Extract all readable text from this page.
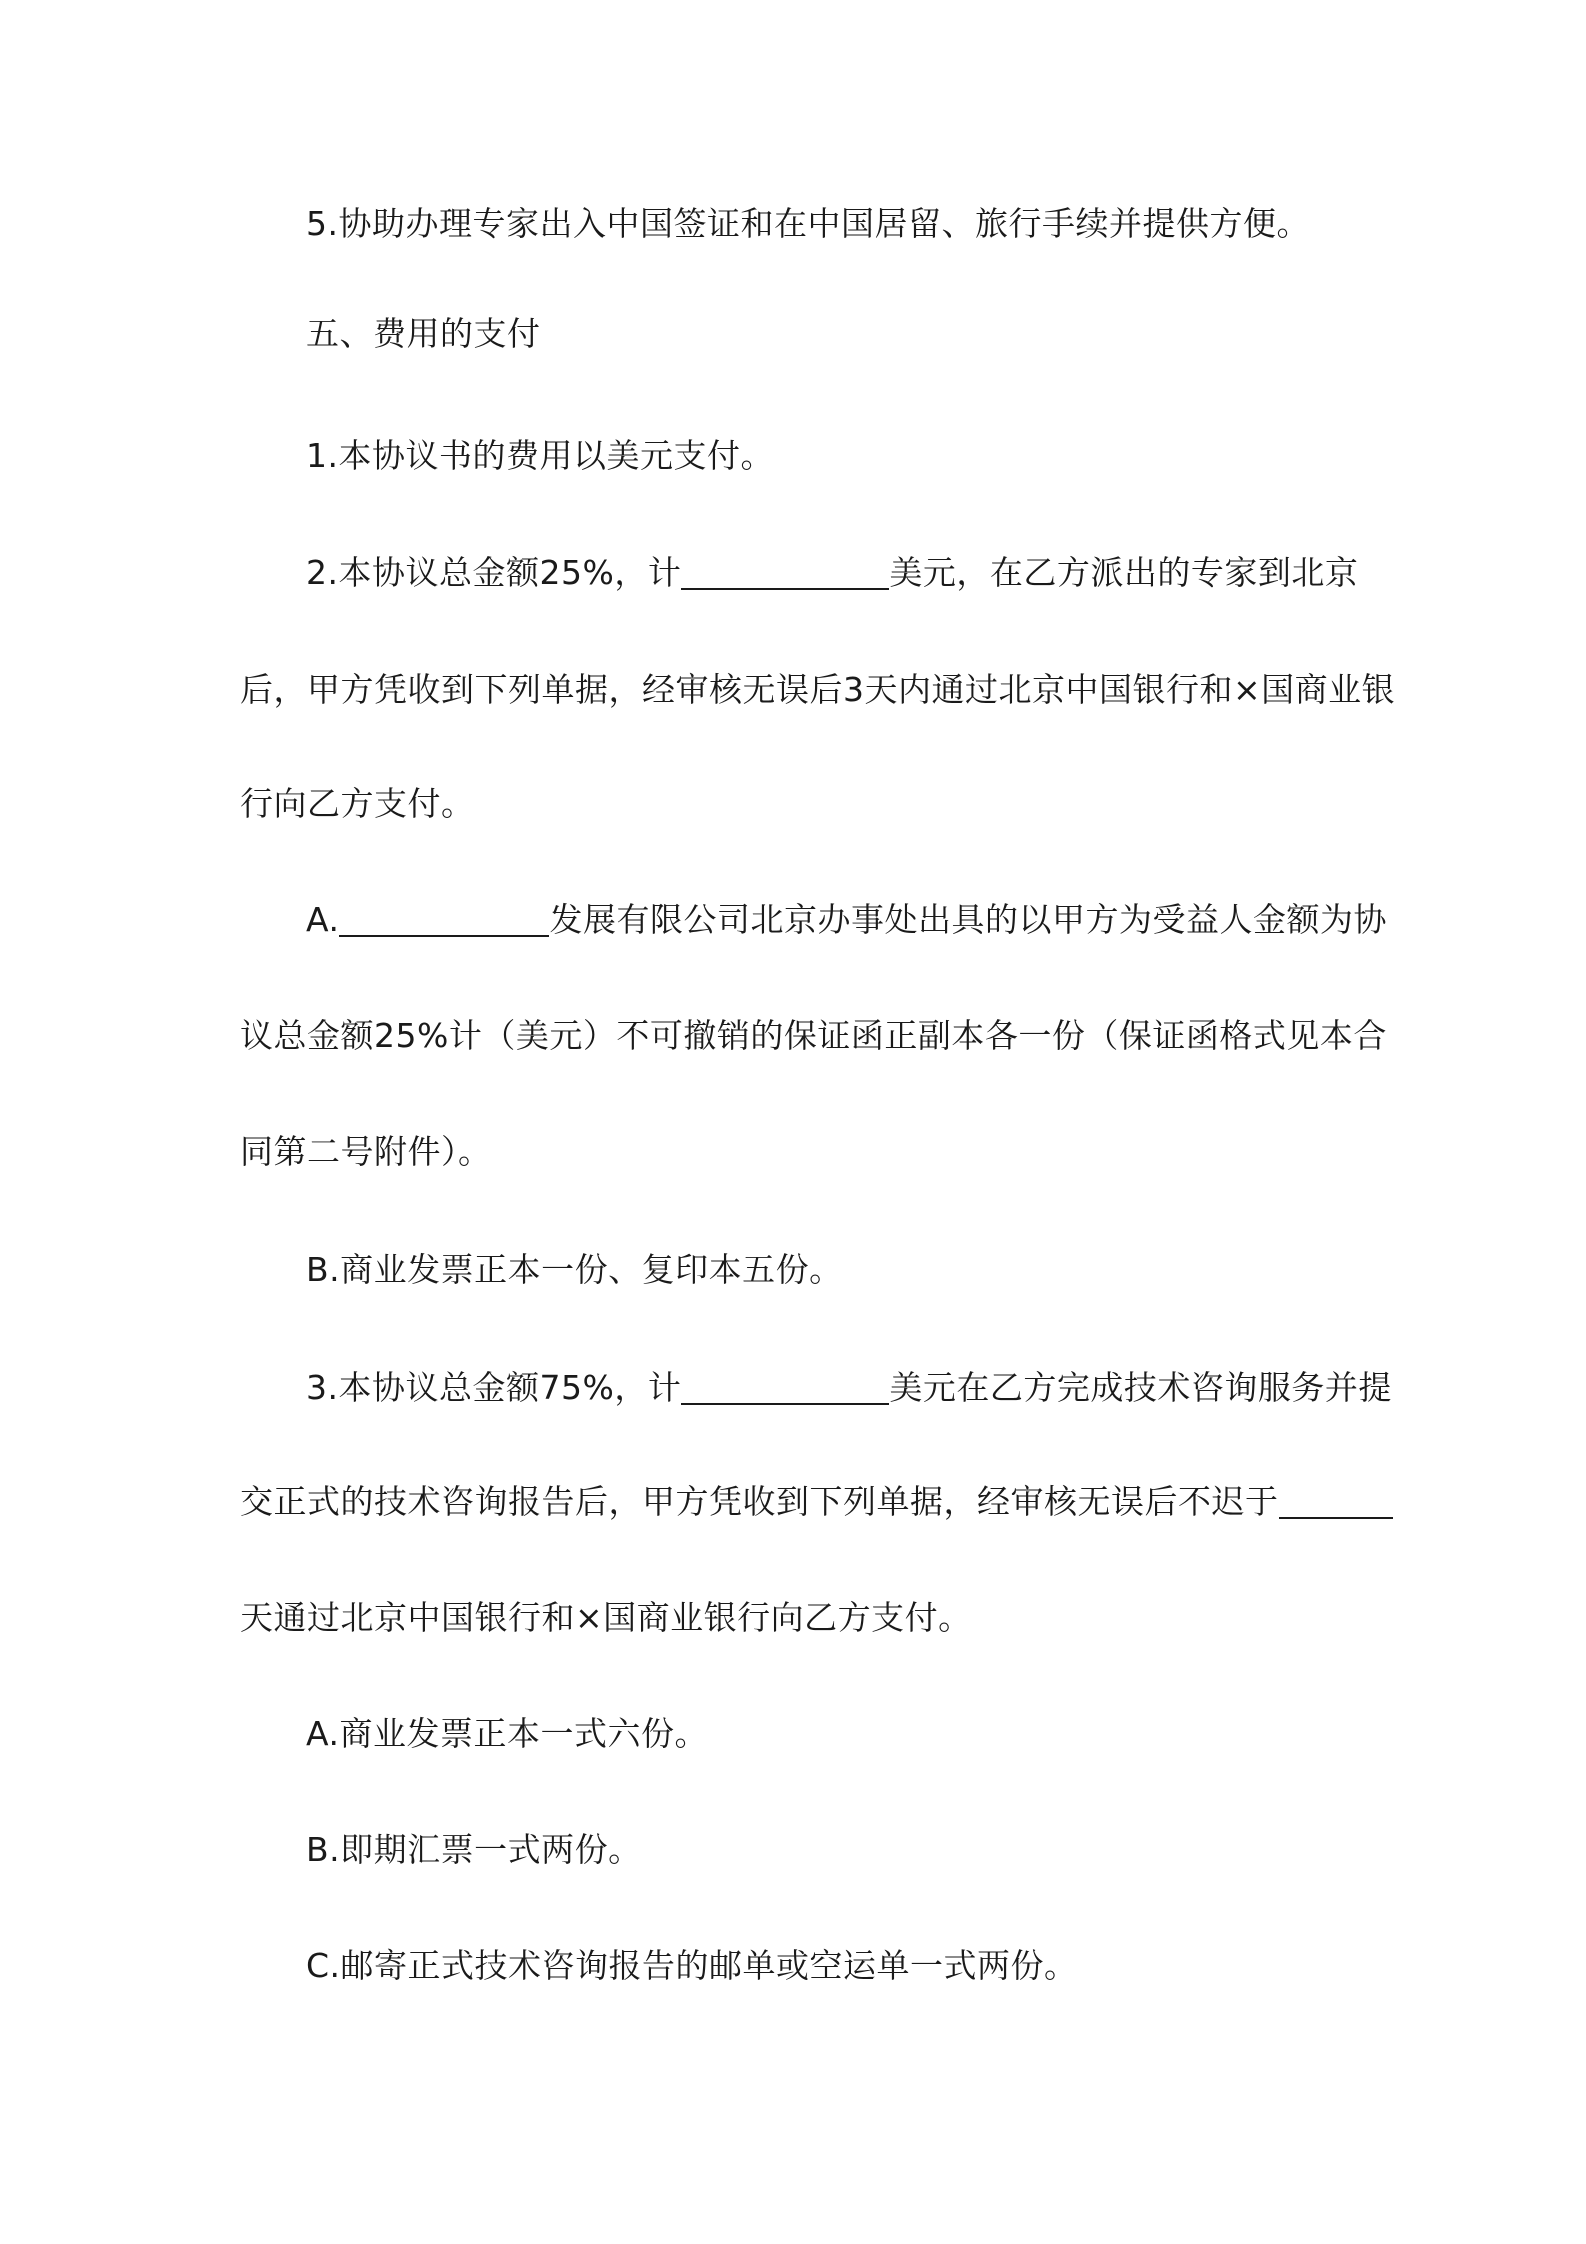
5.协助办理专家出入中国签证和在中国居留、旅行手续并提供方便。
五、费用的支付
1.本协议书的费用以美元支付。
2.本协议总金额25%，计	美元，在乙方派出的专家到北京
后，甲方凭收到下列单据，经审核无误后3天内通过北京中国银行和×国商业银
行向乙方支付。
A.	发展有限公司北京办事处出具的以甲方为受益人金额为协
议总金额25%计（美元）不可撤销的保证函正副本各一份（保证函格式见本合
同第二号附件）。
B.商业发票正本一份、复印本五份。
3.本协议总金额75%，计	美元在乙方完成技术咨询服务并提
交正式的技术咨询报告后，甲方凭收到下列单据，经审核无误后不迟于
天通过北京中国银行和×国商业银行向乙方支付。
A.商业发票正本一式六份。
B.即期汇票一式两份。
C.邮寄正式技术咨询报告的邮单或空运单一式两份。
